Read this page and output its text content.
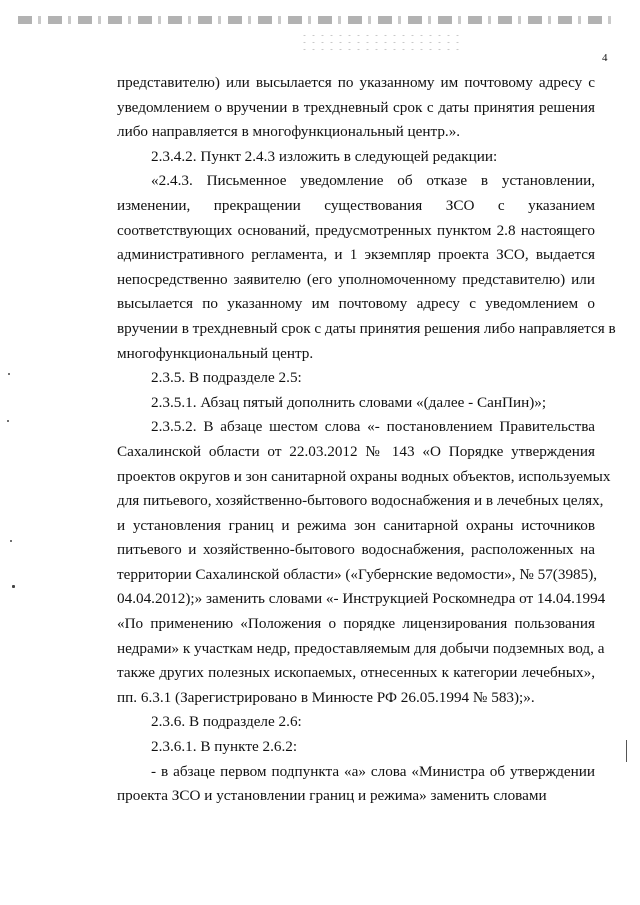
4
представителю) или высылается по указанному им почтовому адресу с
уведомлением о вручении в трехдневный срок с даты принятия решения
либо направляется в многофункциональный центр.».
2.3.4.2. Пункт 2.4.3 изложить в следующей редакции:
«2.4.3. Письменное уведомление об отказе в установлении,
изменении, прекращении существования ЗСО с указанием
соответствующих оснований, предусмотренных пунктом 2.8 настоящего
административного регламента, и 1 экземпляр проекта ЗСО, выдается
непосредственно заявителю (его уполномоченному представителю) или
высылается по указанному им почтовому адресу с уведомлением о
вручении в трехдневный срок с даты принятия решения либо направляется в
многофункциональный центр.
2.3.5. В подразделе 2.5:
2.3.5.1. Абзац пятый дополнить словами «(далее - СанПин)»;
2.3.5.2. В абзаце шестом слова «- постановлением Правительства
Сахалинской области от 22.03.2012 № 143 «О Порядке утверждения
проектов округов и зон санитарной охраны водных объектов, используемых
для питьевого, хозяйственно-бытового водоснабжения и в лечебных целях,
и установления границ и режима зон санитарной охраны источников
питьевого и хозяйственно-бытового водоснабжения, расположенных на
территории Сахалинской области» («Губернские ведомости», № 57(3985),
04.04.2012);» заменить словами «- Инструкцией Роскомнедра от 14.04.1994
«По применению «Положения о порядке лицензирования пользования
недрами» к участкам недр, предоставляемым для добычи подземных вод, а
также других полезных ископаемых, отнесенных к категории лечебных»,
пп. 6.3.1 (Зарегистрировано в Минюсте РФ 26.05.1994 № 583);».
2.3.6. В подразделе 2.6:
2.3.6.1. В пункте 2.6.2:
- в абзаце первом подпункта «а» слова «Министра об утверждении
проекта ЗСО и установлении границ и режима» заменить словами
